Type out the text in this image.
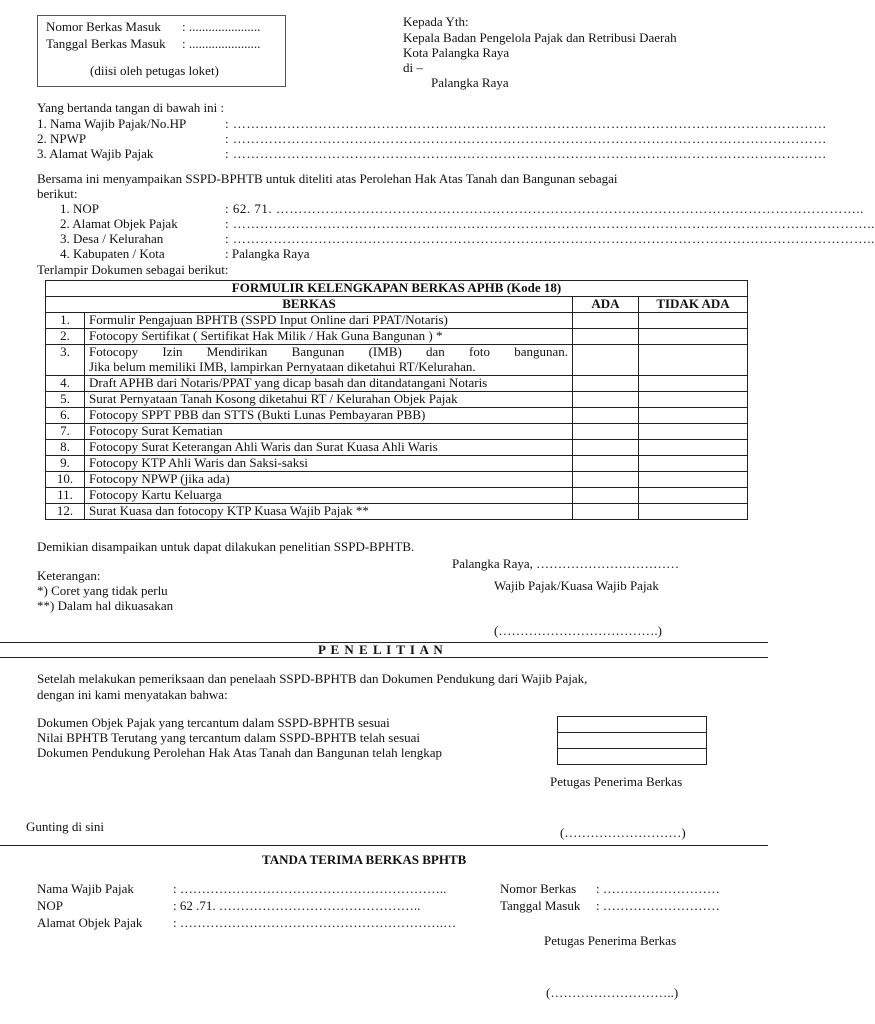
Nomor Berkas Masuk : ......................
Tanggal Berkas Masuk : ......................
(diisi oleh petugas loket)
Kepada Yth:
Kepala Badan Pengelola Pajak dan Retribusi Daerah
Kota Palangka Raya
di –
Palangka Raya
Yang bertanda tangan di bawah ini :
1. Nama Wajib Pajak/No.HP	: ……………………………………………………………………………………………………………………
2. NPWP	: ……………………………………………………………………………………………………………………
3. Alamat Wajib Pajak	: ……………………………………………………………………………………………………………………
Bersama ini menyampaikan SSPD-BPHTB untuk diteliti atas Perolehan Hak Atas Tanah dan Bangunan sebagai
berikut:
1. NOP	: 62. 71. …………………………………………………………………………………………………………………..
2. Alamat Objek Pajak	: ……………………………………………………………………………………………………………………………..
3. Desa / Kelurahan	: ……………………………………………………………………………………………………………………………..
4. Kabupaten / Kota	: Palangka Raya
Terlampir Dokumen sebagai berikut:
FORMULIR KELENGKAPAN BERKAS APHB (Kode 18)			
BERKAS		ADA	TIDAK ADA
1.	Formulir Pengajuan BPHTB (SSPD Input Online dari PPAT/Notaris)		
2.	Fotocopy Sertifikat ( Sertifikat Hak Milik / Hak Guna Bangunan ) *		
3.	Fotocopy Izin Mendirikan Bangunan (IMB) dan foto bangunan.
Jika belum memiliki IMB, lampirkan Pernyataan diketahui RT/Kelurahan.		

4.	Draft APHB dari Notaris/PPAT yang dicap basah dan ditandatangani Notaris		
5.	Surat Pernyataan Tanah Kosong diketahui RT / Kelurahan Objek Pajak		
6.	Fotocopy SPPT PBB dan STTS (Bukti Lunas Pembayaran PBB)		
7.	Fotocopy Surat Kematian		
8.	Fotocopy Surat Keterangan Ahli Waris dan Surat Kuasa Ahli Waris		
9.	Fotocopy KTP Ahli Waris dan Saksi-saksi		
10.	Fotocopy NPWP (jika ada)		
11.	Fotocopy Kartu Keluarga		
12.	Surat Kuasa dan fotocopy KTP Kuasa Wajib Pajak **		
Demikian disampaikan untuk dapat dilakukan penelitian SSPD-BPHTB.
Palangka Raya, ……………………………
Keterangan:
Wajib Pajak/Kuasa Wajib Pajak
*) Coret yang tidak perlu
**) Dalam hal dikuasakan
(……………………………….)
P E N E L I T I A N
Setelah melakukan pemeriksaan dan penelaah SSPD-BPHTB dan Dokumen Pendukung dari Wajib Pajak,
dengan ini kami menyatakan bahwa:
Dokumen Objek Pajak yang tercantum dalam SSPD-BPHTB sesuai
Nilai BPHTB Terutang yang tercantum dalam SSPD-BPHTB telah sesuai
Dokumen Pendukung Perolehan Hak Atas Tanah dan Bangunan telah lengkap
Petugas Penerima Berkas
Gunting di sini	(………………………)
TANDA TERIMA BERKAS BPHTB
Nama Wajib Pajak	: ……………………………………………………..
NOP	: 62 .71. ………………………………………..
Alamat Objek Pajak : …………………………………………………….…
Nomor Berkas : ………………………
Tanggal Masuk : ………………………
Petugas Penerima Berkas
(………………………..)
